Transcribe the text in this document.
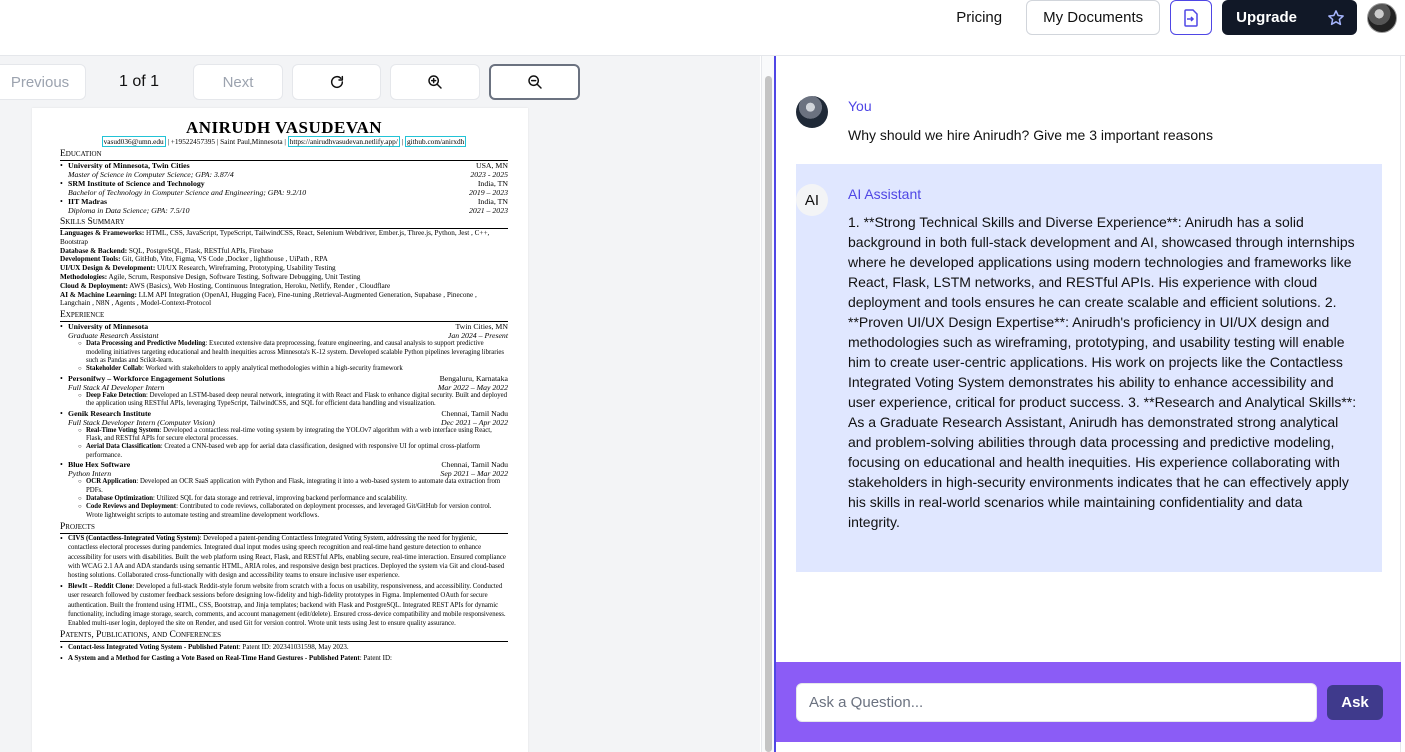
Pricing	My Documents	Upgrade
Previous	1 of 1	Next
ANIRUDH VASUDEVAN
vasud036@umn.edu | +19522457395 | Saint Paul,Minnesota | https://anirudhvasudevan.netlify.app/ | github.com/anirxdh
Education
• University of Minnesota, Twin Cities	USA, MN
Master of Science in Computer Science; GPA: 3.87/4	2023 - 2025
• SRM Institute of Science and Technology	India, TN
Bachelor of Technology in Computer Science and Engineering; GPA: 9.2/10	2019 – 2023
• IIT Madras	India, TN
Diploma in Data Science; GPA: 7.5/10	2021 – 2023
Skills Summary
Languages & Frameworks: HTML, CSS, JavaScript, TypeScript, TailwindCSS, React, Selenium Webdriver, Ember.js, Three.js, Python, Jest , C++, Bootstrap
Database & Backend: SQL, PostgreSQL, Flask, RESTful APIs, Firebase
Development Tools: Git, GitHub, Vite, Figma, VS Code ,Docker , lighthouse , UiPath , RPA
UI/UX Design & Development: UI/UX Research, Wireframing, Prototyping, Usability Testing
Methodologies: Agile, Scrum, Responsive Design, Software Testing, Software Debugging, Unit Testing
Cloud & Deployment: AWS (Basics), Web Hosting, Continuous Integration, Heroku, Netlify, Render , Cloudflare
AI & Machine Learning: LLM API Integration (OpenAI, Hugging Face), Fine-tuning ,Retrieval-Augmented Generation, Supabase , Pinecone , Langchain , N8N , Agents , Model-Context-Protocol
Experience
• University of Minnesota	Twin Cities, MN
Graduate Research Assistant	Jan 2024 – Present
○ Data Processing and Predictive Modeling: Executed extensive data preprocessing, feature engineering, and causal analysis to support predictive modeling initiatives targeting educational and health inequities across Minnesota's K-12 system. Developed scalable Python pipelines leveraging libraries such as Pandas and Scikit-learn.
○ Stakeholder Collab: Worked with stakeholders to apply analytical methodologies within a high-security framework
• Personifwy – Workforce Engagement Solutions	Bengaluru, Karnataka
Full Stack AI Developer Intern	Mar 2022 – May 2022
○ Deep Fake Detection: Developed an LSTM-based deep neural network, integrating it with React and Flask to enhance digital security. Built and deployed the application using RESTful APIs, leveraging TypeScript, TailwindCSS, and SQL for efficient data handling and visualization.
• Genik Research Institute	Chennai, Tamil Nadu
Full Stack Developer Intern (Computer Vision)	Dec 2021 – Apr 2022
○ Real-Time Voting System: Developed a contactless real-time voting system by integrating the YOLOv7 algorithm with a web interface using React, Flask, and RESTful APIs for secure electoral processes.
○ Aerial Data Classification: Created a CNN-based web app for aerial data classification, designed with responsive UI for optimal cross-platform performance.
• Blue Hex Software	Chennai, Tamil Nadu
Python Intern	Sep 2021 – Mar 2022
○ OCR Application: Developed an OCR SaaS application with Python and Flask, integrating it into a web-based system to automate data extraction from PDFs.
○ Database Optimization: Utilized SQL for data storage and retrieval, improving backend performance and scalability.
○ Code Reviews and Deployment: Contributed to code reviews, collaborated on deployment processes, and leveraged Git/GitHub for version control. Wrote lightweight scripts to automate testing and streamline development workflows.
Projects
• CIVS (Contactless-Integrated Voting System): Developed a patent-pending Contactless Integrated Voting System, addressing the need for hygienic, contactless electoral processes during pandemics. Integrated dual input modes using speech recognition and real-time hand gesture detection to enhance accessibility for users with disabilities. Built the web platform using React, Flask, and RESTful APIs, enabling secure, real-time interaction. Ensured compliance with WCAG 2.1 AA and ADA standards using semantic HTML, ARIA roles, and responsive design best practices. Deployed the system via Git and cloud-based hosting solutions. Collaborated cross-functionally with design and accessibility teams to ensure inclusive user experience.
• BlewIt – Reddit Clone: Developed a full-stack Reddit-style forum website from scratch with a focus on usability, responsiveness, and accessibility. Conducted user research followed by customer feedback sessions before designing low-fidelity and high-fidelity prototypes in Figma. Implemented OAuth for secure authentication. Built the frontend using HTML, CSS, Bootstrap, and Jinja templates; backend with Flask and PostgreSQL. Integrated REST APIs for dynamic functionality, including image storage, search, comments, and account management (edit/delete). Ensured cross-device compatibility and mobile responsiveness. Enabled multi-user login, deployed the site on Render, and used Git for version control. Wrote unit tests using Jest to ensure quality assurance.
Patents, Publications, and Conferences
• Contact-less Integrated Voting System - Published Patent: Patent ID: 202341031598, May 2023.
• A System and a Method for Casting a Vote Based on Real-Time Hand Gestures - Published Patent: Patent ID:
You
Why should we hire Anirudh? Give me 3 important reasons
AI	AI Assistant
1. **Strong Technical Skills and Diverse Experience**: Anirudh has a solid background in both full-stack development and AI, showcased through internships where he developed applications using modern technologies and frameworks like React, Flask, LSTM networks, and RESTful APIs. His experience with cloud deployment and tools ensures he can create scalable and efficient solutions. 2. **Proven UI/UX Design Expertise**: Anirudh's proficiency in UI/UX design and methodologies such as wireframing, prototyping, and usability testing will enable him to create user-centric applications. His work on projects like the Contactless Integrated Voting System demonstrates his ability to enhance accessibility and user experience, critical for product success. 3. **Research and Analytical Skills**: As a Graduate Research Assistant, Anirudh has demonstrated strong analytical and problem-solving abilities through data processing and predictive modeling, focusing on educational and health inequities. His experience collaborating with stakeholders in high-security environments indicates that he can effectively apply his skills in real-world scenarios while maintaining confidentiality and data integrity.
Ask a Question...
Ask
